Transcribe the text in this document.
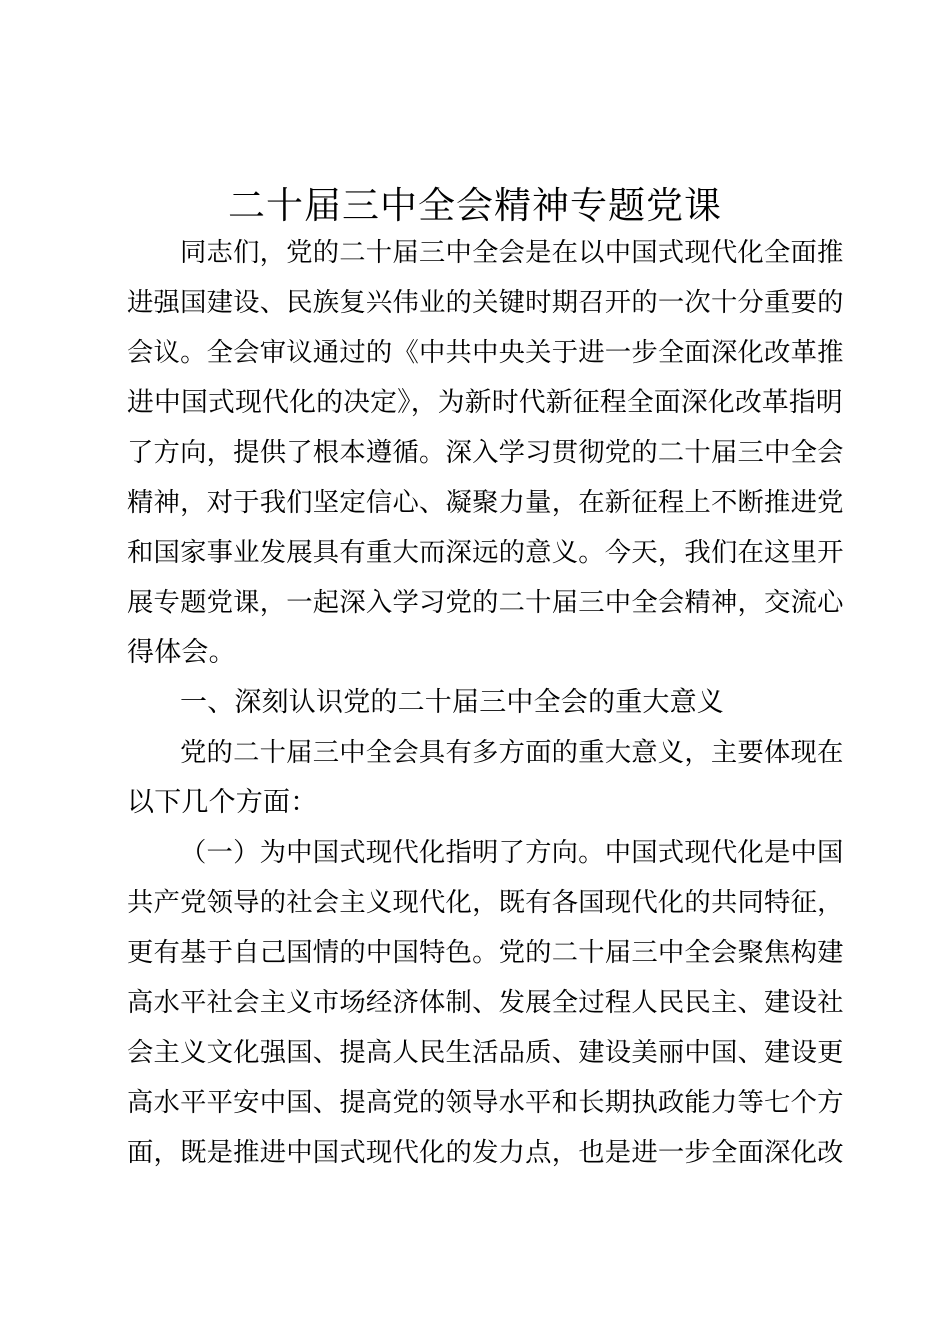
二十届三中全会精神专题党课
同志们，党的二十届三中全会是在以中国式现代化全面推
进强国建设、民族复兴伟业的关键时期召开的一次十分重要的
会议。全会审议通过的《中共中央关于进一步全面深化改革推
进中国式现代化的决定》，为新时代新征程全面深化改革指明
了方向，提供了根本遵循。深入学习贯彻党的二十届三中全会
精神，对于我们坚定信心、凝聚力量，在新征程上不断推进党
和国家事业发展具有重大而深远的意义。今天，我们在这里开
展专题党课，一起深入学习党的二十届三中全会精神，交流心
得体会。
一、深刻认识党的二十届三中全会的重大意义
党的二十届三中全会具有多方面的重大意义，主要体现在
以下几个方面：
（一）为中国式现代化指明了方向。中国式现代化是中国
共产党领导的社会主义现代化，既有各国现代化的共同特征，
更有基于自己国情的中国特色。党的二十届三中全会聚焦构建
高水平社会主义市场经济体制、发展全过程人民民主、建设社
会主义文化强国、提高人民生活品质、建设美丽中国、建设更
高水平平安中国、提高党的领导水平和长期执政能力等七个方
面，既是推进中国式现代化的发力点，也是进一步全面深化改
